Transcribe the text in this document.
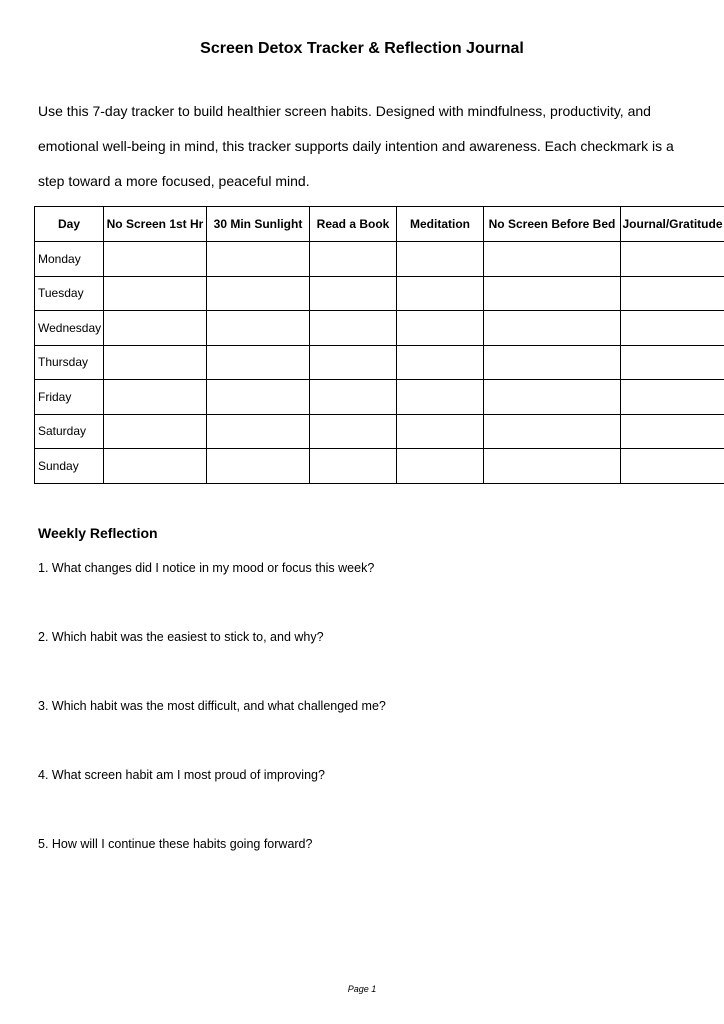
Screen Detox Tracker & Reflection Journal

Use this 7-day tracker to build healthier screen habits. Designed with mindfulness, productivity, and emotional well-being in mind, this tracker supports daily intention and awareness. Each checkmark is a step toward a more focused, peaceful mind.

Day	No Screen 1st Hr	30 Min Sunlight	Read a Book	Meditation	No Screen Before Bed	Journal/Gratitude
Monday						
Tuesday						
Wednesday						
Thursday						
Friday						
Saturday						
Sunday						
Weekly Reflection
1. What changes did I notice in my mood or focus this week?
2. Which habit was the easiest to stick to, and why?
3. Which habit was the most difficult, and what challenged me?
4. What screen habit am I most proud of improving?
5. How will I continue these habits going forward?
Page 1
